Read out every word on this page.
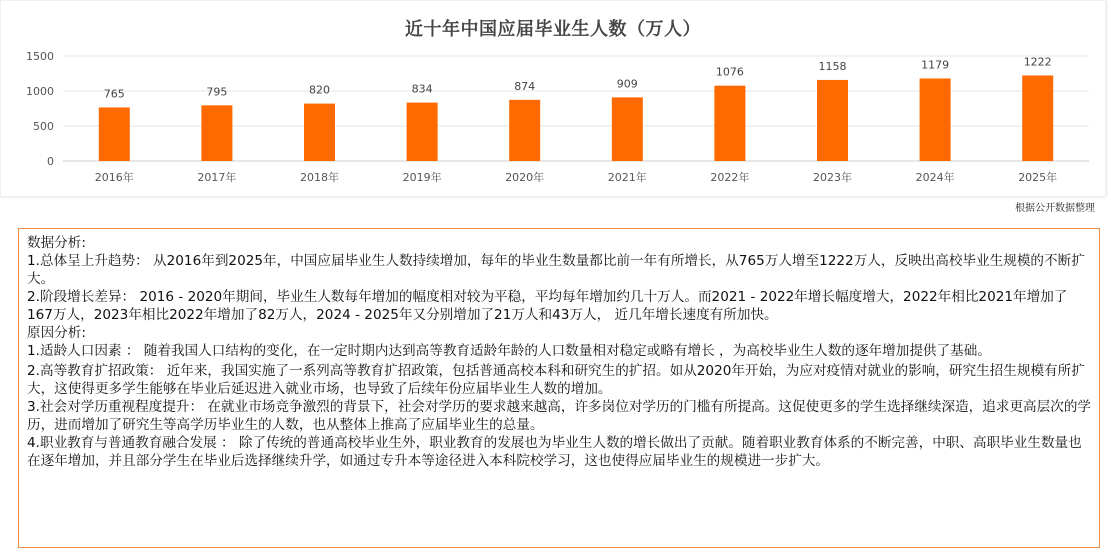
近十年中国应届毕业生人数（万人）
0
500
1000
1500
765
2016年
795
2017年
820
2018年
834
2019年
874
2020年
909
2021年
1076
2022年
1158
2023年
1179
2024年
1222
2025年
根据公开数据整理

数据分析:

1.总体呈上升趋势： 从2016年到2025年，中国应届毕业生人数持续增加，每年的毕业生数量都比前一年有所增长，从765万人增至1222万人，反映出高校毕业生规模的不断扩大。

2.阶段增长差异： 2016 - 2020年期间，毕业生人数每年增加的幅度相对较为平稳，平均每年增加约几十万人。而2021 - 2022年增长幅度增大，2022年相比2021年增加了167万人，2023年相比2022年增加了82万人，2024 - 2025年又分别增加了21万人和43万人， 近几年增长速度有所加快。

原因分析:

1.适龄人口因素 ： 随着我国人口结构的变化，在一定时期内达到高等教育适龄年龄的人口数量相对稳定或略有增长 ，为高校毕业生人数的逐年增加提供了基础。

2.高等教育扩招政策： 近年来，我国实施了一系列高等教育扩招政策，包括普通高校本科和研究生的扩招。如从2020年开始，为应对疫情对就业的影响，研究生招生规模有所扩大，这使得更多学生能够在毕业后延迟进入就业市场，也导致了后续年份应届毕业生人数的增加。

3.社会对学历重视程度提升： 在就业市场竞争激烈的背景下，社会对学历的要求越来越高，许多岗位对学历的门槛有所提高。这促使更多的学生选择继续深造，追求更高层次的学历，进而增加了研究生等高学历毕业生的人数，也从整体上推高了应届毕业生的总量。

4.职业教育与普通教育融合发展 ： 除了传统的普通高校毕业生外，职业教育的发展也为毕业生人数的增长做出了贡献。随着职业教育体系的不断完善，中职、高职毕业生数量也在逐年增加，并且部分学生在毕业后选择继续升学，如通过专升本等途径进入本科院校学习，这也使得应届毕业生的规模进一步扩大。
